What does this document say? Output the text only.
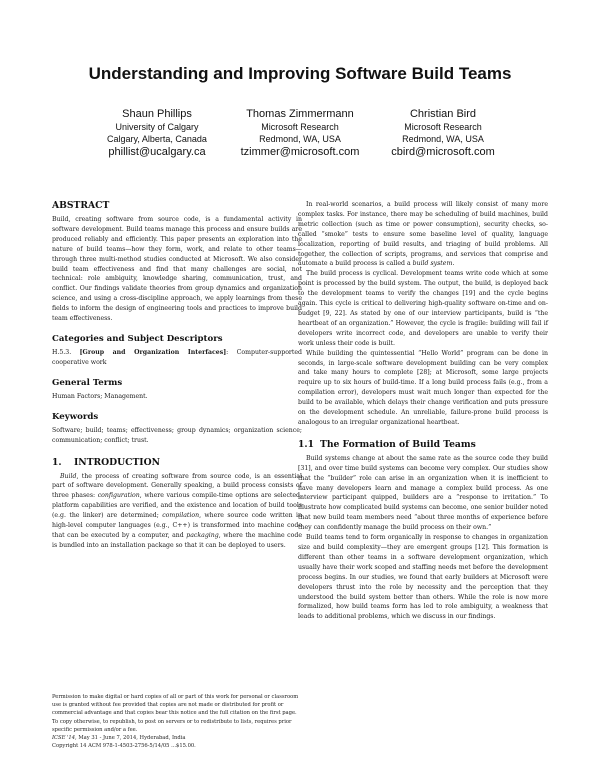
Understanding and Improving Software Build Teams
Shaun Phillips
University of Calgary
Calgary, Alberta, Canada
phillist@ucalgary.ca
Thomas Zimmermann
Microsoft Research
Redmond, WA, USA
tzimmer@microsoft.com
Christian Bird
Microsoft Research
Redmond, WA, USA
cbird@microsoft.com
ABSTRACT

Build, creating software from source code, is a fundamental activity in software development. Build teams manage this process and ensure builds are produced reliably and efficiently. This paper presents an exploration into the nature of build teams—how they form, work, and relate to other teams—through three multi-method studies conducted at Microsoft. We also consider build team effectiveness and find that many challenges are social, not technical: role ambiguity, knowledge sharing, communication, trust, and conflict. Our findings validate theories from group dynamics and organization science, and using a cross-discipline approach, we apply learnings from these fields to inform the design of engineering tools and practices to improve build team effectiveness.

Categories and Subject Descriptors

H.5.3. [Group and Organization Interfaces]: Computer-supported cooperative work

General Terms

Human Factors; Management.

Keywords

Software; build; teams; effectiveness; group dynamics; organization science; communication; conflict; trust.

1. INTRODUCTION

Build, the process of creating software from source code, is an essential part of software development. Generally speaking, a build process consists of three phases: configuration, where various compile-time options are selected, platform capabilities are verified, and the existence and location of build tools (e.g. the linker) are determined; compilation, where source code written in high-level computer languages (e.g., C++) is transformed into machine code that can be executed by a computer, and packaging, where the machine code is bundled into an installation package so that it can be deployed to users.

Permission to make digital or hard copies of all or part of this work for personal or classroom use is granted without fee provided that copies are not made or distributed for profit or commercial advantage and that copies bear this notice and the full citation on the first page. To copy otherwise, to republish, to post on servers or to redistribute to lists, requires prior specific permission and/or a fee.
ICSE '14, May 31 - June 7, 2014, Hyderabad, India
Copyright 14 ACM 978-1-4503-2756-5/14/05 ...$15.00.

In real-world scenarios, a build process will likely consist of many more complex tasks. For instance, there may be scheduling of build machines, build metric collection (such as time or power consumption), security checks, so-called “smoke” tests to ensure some baseline level of quality, language localization, reporting of build results, and triaging of build problems. All together, the collection of scripts, programs, and services that comprise and automate a build process is called a build system.

The build process is cyclical. Development teams write code which at some point is processed by the build system. The output, the build, is deployed back to the development teams to verify the changes [19] and the cycle begins again. This cycle is critical to delivering high-quality software on-time and on-budget [9, 22]. As stated by one of our interview participants, build is “the heartbeat of an organization.” However, the cycle is fragile: building will fail if developers write incorrect code, and developers are unable to verify their work unless their code is built.

While building the quintessential “Hello World” program can be done in seconds, in large-scale software development building can be very complex and take many hours to complete [28]; at Microsoft, some large projects require up to six hours of build-time. If a long build process fails (e.g., from a compilation error), developers must wait much longer than expected for the build to be available, which delays their change verification and puts pressure on the development schedule. An unreliable, failure-prone build process is analogous to an irregular organizational heartbeat.

1.1 The Formation of Build Teams

Build systems change at about the same rate as the source code they build [31], and over time build systems can become very complex. Our studies show that the “builder” role can arise in an organization when it is inefficient to have many developers learn and manage a complex build process. As one interview participant quipped, builders are a “response to irritation.” To illustrate how complicated build systems can become, one senior builder noted that new build team members need “about three months of experience before they can confidently manage the build process on their own.”

Build teams tend to form organically in response to changes in organization size and build complexity—they are emergent groups [12]. This formation is different than other teams in a software development organization, which usually have their work scoped and staffing needs met before the development process begins. In our studies, we found that early builders at Microsoft were developers thrust into the role by necessity and the perception that they understood the build system better than others. While the role is now more formalized, how build teams form has led to role ambiguity, a weakness that leads to additional problems, which we discuss in our findings.
